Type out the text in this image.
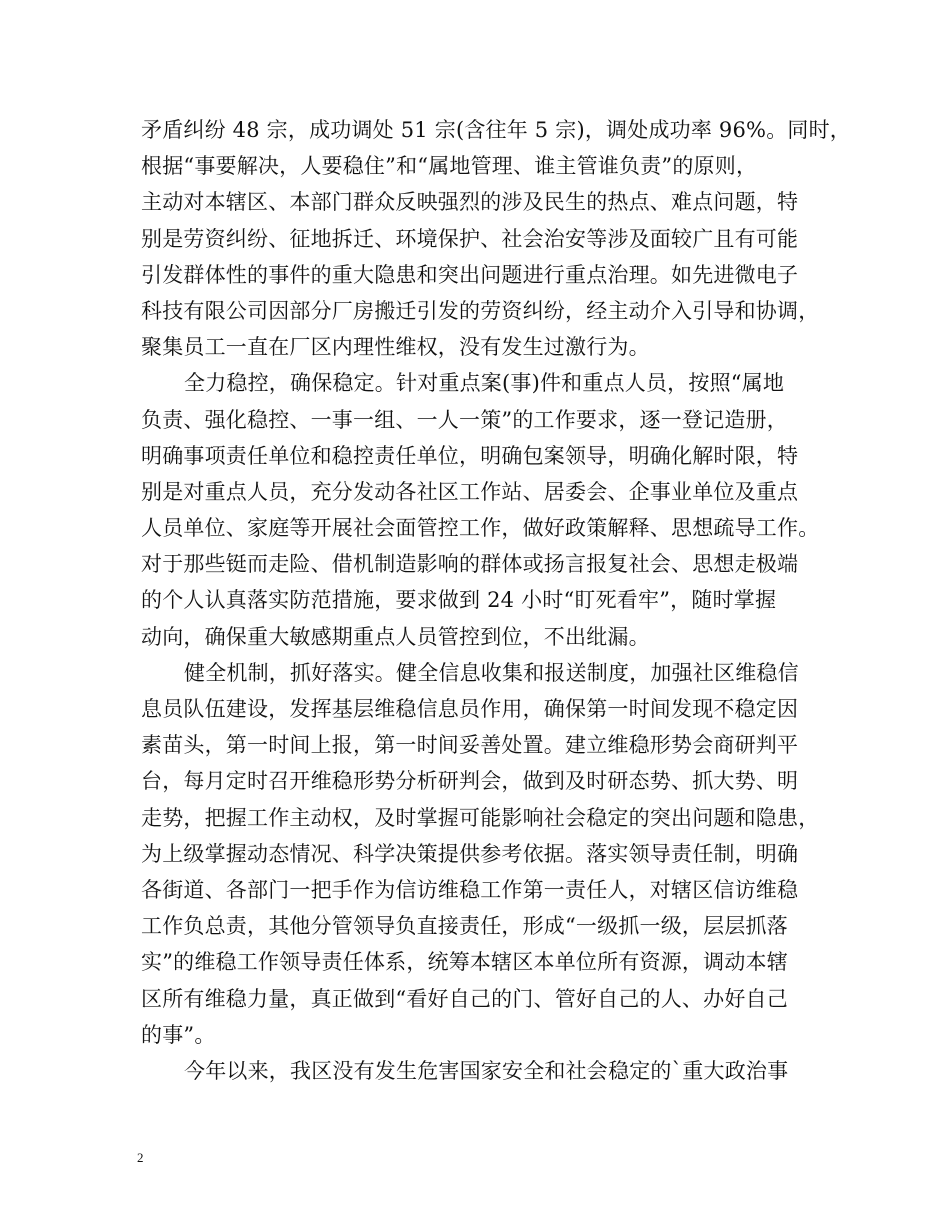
矛盾纠纷 48 宗，成功调处 51 宗(含往年 5 宗)，调处成功率 96%。同时，
根据“事要解决，人要稳住”和“属地管理、谁主管谁负责”的原则，
主动对本辖区、本部门群众反映强烈的涉及民生的热点、难点问题，特
别是劳资纠纷、征地拆迁、环境保护、社会治安等涉及面较广且有可能
引发群体性的事件的重大隐患和突出问题进行重点治理。如先进微电子
科技有限公司因部分厂房搬迁引发的劳资纠纷，经主动介入引导和协调，
聚集员工一直在厂区内理性维权，没有发生过激行为。
全力稳控，确保稳定。针对重点案(事)件和重点人员，按照“属地
负责、强化稳控、一事一组、一人一策”的工作要求，逐一登记造册，
明确事项责任单位和稳控责任单位，明确包案领导，明确化解时限，特
别是对重点人员，充分发动各社区工作站、居委会、企事业单位及重点
人员单位、家庭等开展社会面管控工作，做好政策解释、思想疏导工作。
对于那些铤而走险、借机制造影响的群体或扬言报复社会、思想走极端
的个人认真落实防范措施，要求做到 24 小时“盯死看牢”，随时掌握
动向，确保重大敏感期重点人员管控到位，不出纰漏。
健全机制，抓好落实。健全信息收集和报送制度，加强社区维稳信
息员队伍建设，发挥基层维稳信息员作用，确保第一时间发现不稳定因
素苗头，第一时间上报，第一时间妥善处置。建立维稳形势会商研判平
台，每月定时召开维稳形势分析研判会，做到及时研态势、抓大势、明
走势，把握工作主动权，及时掌握可能影响社会稳定的突出问题和隐患，
为上级掌握动态情况、科学决策提供参考依据。落实领导责任制，明确
各街道、各部门一把手作为信访维稳工作第一责任人，对辖区信访维稳
工作负总责，其他分管领导负直接责任，形成“一级抓一级，层层抓落
实”的维稳工作领导责任体系，统筹本辖区本单位所有资源，调动本辖
区所有维稳力量，真正做到“看好自己的门、管好自己的人、办好自己
的事”。
今年以来，我区没有发生危害国家安全和社会稳定的`重大政治事
2
